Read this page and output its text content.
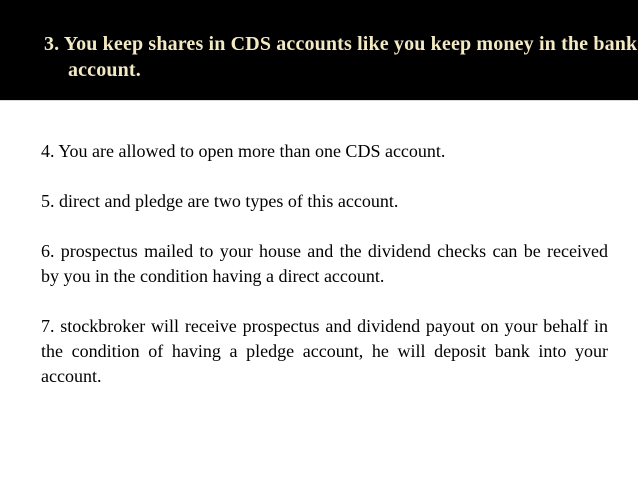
3. You keep shares in CDS accounts like you keep money in the bank account.

4. You are allowed to open more than one CDS account.

5. direct and pledge are two types of this account.

6. prospectus mailed to your house and the dividend checks can be received by you in the condition having a direct account.

7. stockbroker will receive prospectus and dividend payout on your behalf in the condition of having a pledge account, he will deposit bank into your account.
